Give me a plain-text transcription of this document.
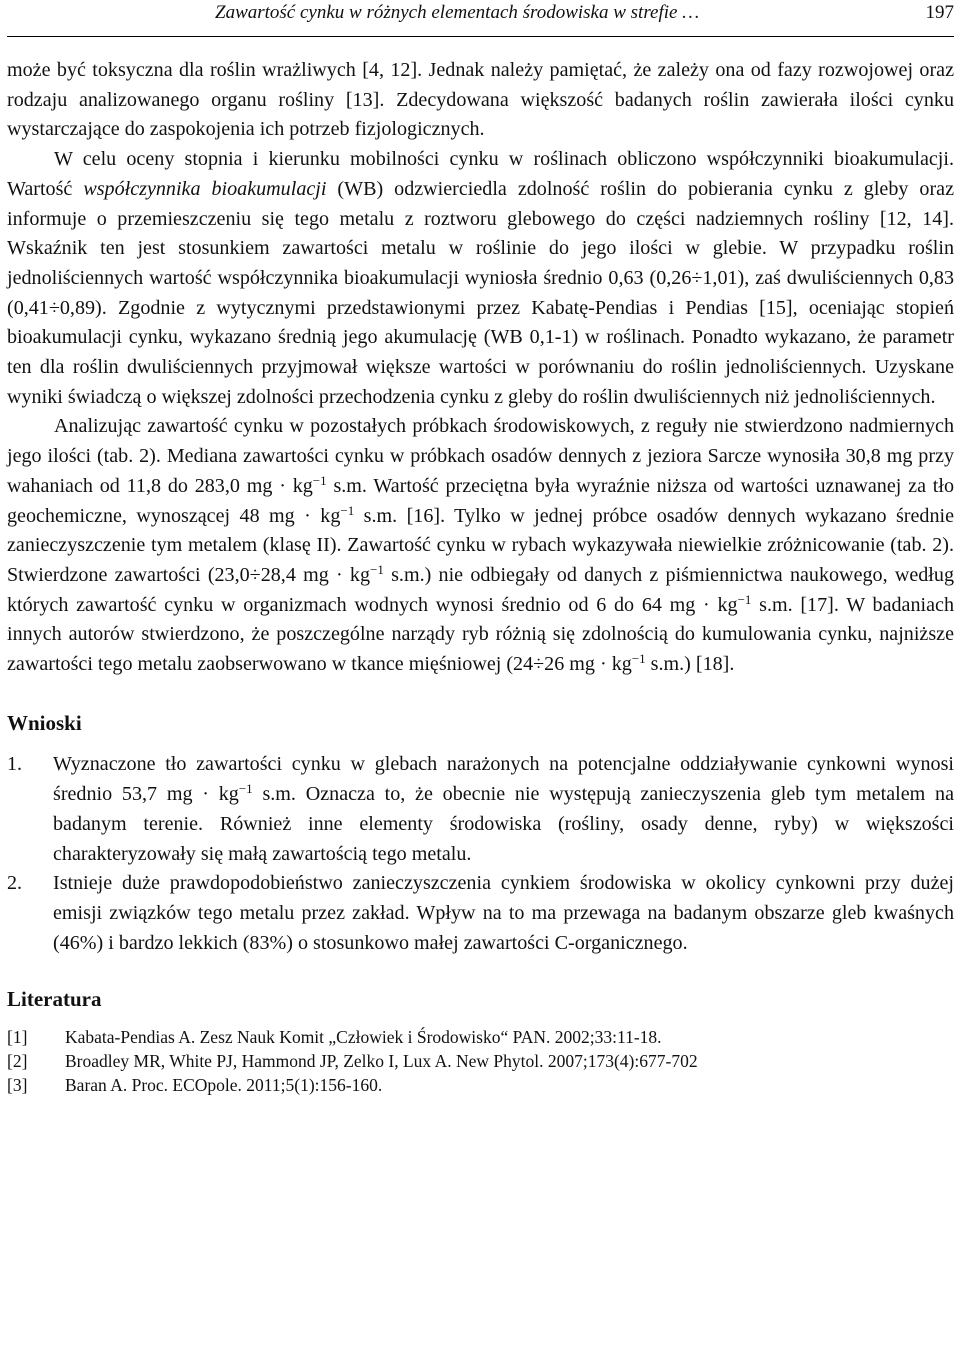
Zawartość cynku w różnych elementach środowiska w strefie …	197

może być toksyczna dla roślin wrażliwych [4, 12]. Jednak należy pamiętać, że zależy ona od fazy rozwojowej oraz rodzaju analizowanego organu rośliny [13]. Zdecydowana większość badanych roślin zawierała ilości cynku wystarczające do zaspokojenia ich potrzeb fizjologicznych.

W celu oceny stopnia i kierunku mobilności cynku w roślinach obliczono współczynniki bioakumulacji. Wartość współczynnika bioakumulacji (WB) odzwierciedla zdolność roślin do pobierania cynku z gleby oraz informuje o przemieszczeniu się tego metalu z roztworu glebowego do części nadziemnych rośliny [12, 14]. Wskaźnik ten jest stosunkiem zawartości metalu w roślinie do jego ilości w glebie. W przypadku roślin jednoliściennych wartość współczynnika bioakumulacji wyniosła średnio 0,63 (0,26÷1,01), zaś dwuliściennych 0,83 (0,41÷0,89). Zgodnie z wytycznymi przedstawionymi przez Kabatę-Pendias i Pendias [15], oceniając stopień bioakumulacji cynku, wykazano średnią jego akumulację (WB 0,1-1) w roślinach. Ponadto wykazano, że parametr ten dla roślin dwuliściennych przyjmował większe wartości w porównaniu do roślin jednoliściennych. Uzyskane wyniki świadczą o większej zdolności przechodzenia cynku z gleby do roślin dwuliściennych niż jednoliściennych.

Analizując zawartość cynku w pozostałych próbkach środowiskowych, z reguły nie stwierdzono nadmiernych jego ilości (tab. 2). Mediana zawartości cynku w próbkach osadów dennych z jeziora Sarcze wynosiła 30,8 mg przy wahaniach od 11,8 do 283,0 mg · $kg^{-1}$ s.m. Wartość przeciętna była wyraźnie niższa od wartości uznawanej za tło geochemiczne, wynoszącej 48 mg · $kg^{-1}$ s.m. [16]. Tylko w jednej próbce osadów dennych wykazano średnie zanieczyszczenie tym metalem (klasę II). Zawartość cynku w rybach wykazywała niewielkie zróżnicowanie (tab. 2). Stwierdzone zawartości (23,0÷28,4 mg · $kg^{-1}$ s.m.) nie odbiegały od danych z piśmiennictwa naukowego, według których zawartość cynku w organizmach wodnych wynosi średnio od 6 do 64 mg · $kg^{-1}$ s.m. [17]. W badaniach innych autorów stwierdzono, że poszczególne narządy ryb różnią się zdolnością do kumulowania cynku, najniższe zawartości tego metalu zaobserwowano w tkance mięśniowej (24÷26 mg · $kg^{-1}$ s.m.) [18].

Wnioski
1. Wyznaczone tło zawartości cynku w glebach narażonych na potencjalne oddziaływanie cynkowni wynosi średnio 53,7 mg · $kg^{-1}$ s.m. Oznacza to, że obecnie nie występują zanieczyszenia gleb tym metalem na badanym terenie. Również inne elementy środowiska (rośliny, osady denne, ryby) w większości charakteryzowały się małą zawartością tego metalu.
2. Istnieje duże prawdopodobieństwo zanieczyszczenia cynkiem środowiska w okolicy cynkowni przy dużej emisji związków tego metalu przez zakład. Wpływ na to ma przewaga na badanym obszarze gleb kwaśnych (46%) i bardzo lekkich (83%) o stosunkowo małej zawartości C-organicznego.
Literatura
[1] Kabata-Pendias A. Zesz Nauk Komit „Człowiek i Środowisko“ PAN. 2002;33:11-18.
[2] Broadley MR, White PJ, Hammond JP, Zelko I, Lux A. New Phytol. 2007;173(4):677-702
[3] Baran A. Proc. ECOpole. 2011;5(1):156-160.
